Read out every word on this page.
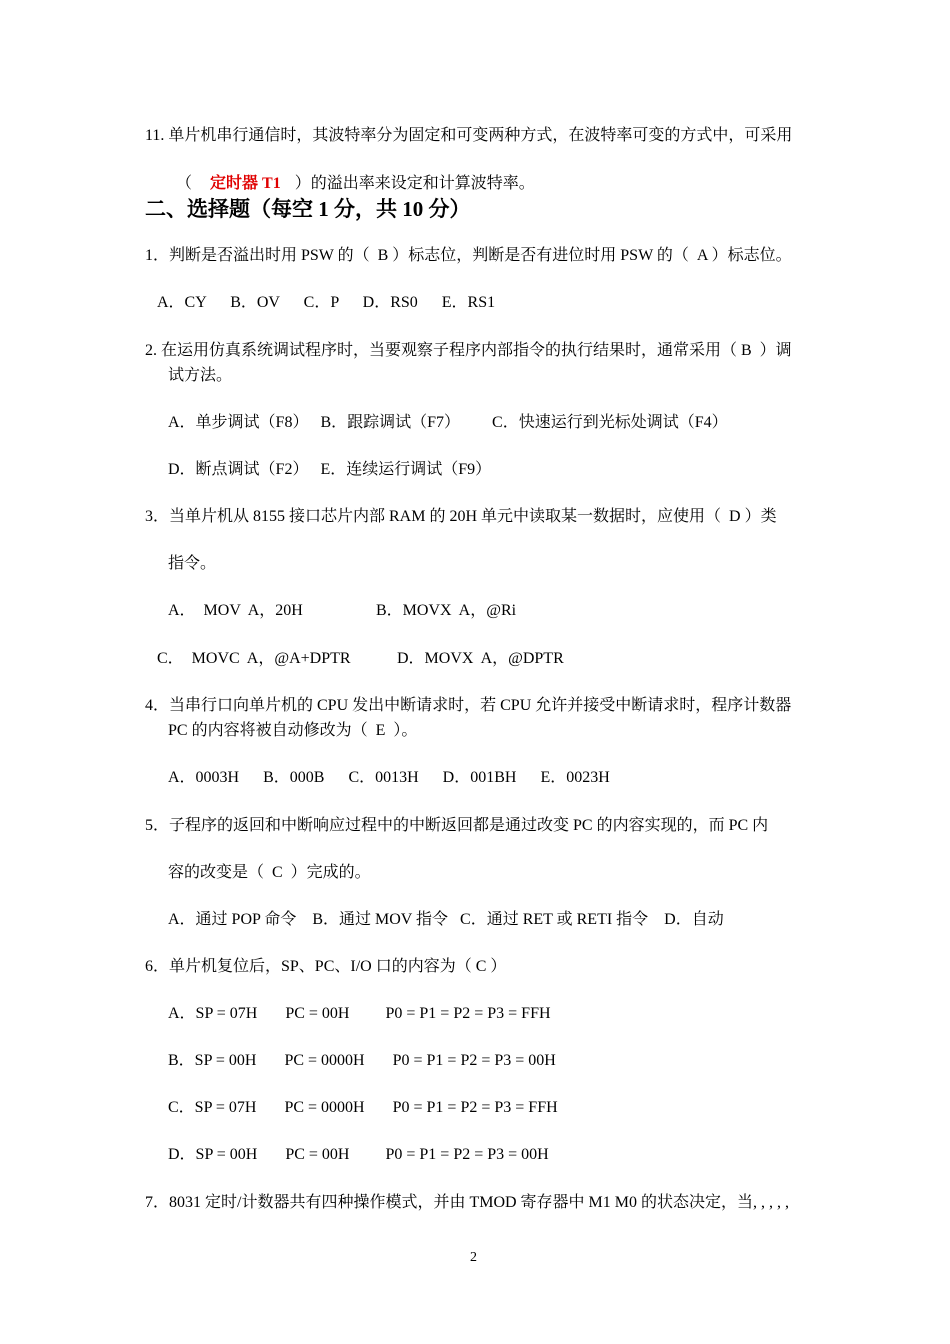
11. 单片机串行通信时，其波特率分为固定和可变两种方式，在波特率可变的方式中，可采用

（ 定时器 T1 ）的溢出率来设定和计算波特率。

二、选择题（每空 1 分，共 10 分）
1．判断是否溢出时用 PSW 的（  B ）标志位，判断是否有进位时用 PSW 的（  A ）标志位。
A．CY      B．OV      C．P      D．RS0      E．RS1
2. 在运用仿真系统调试程序时，当要观察子程序内部指令的执行结果时，通常采用（ B  ）调
试方法。
A．单步调试（F8）   B．跟踪调试（F7）        C．快速运行到光标处调试（F4）
D．断点调试（F2）   E．连续运行调试（F9）
3．当单片机从 8155 接口芯片内部 RAM 的 20H 单元中读取某一数据时，应使用（  D ）类
指令。
A．  MOV  A，20H	B．MOVX  A，@Ri
C．  MOVC  A，@A+DPTR	D．MOVX  A，@DPTR
4．当串行口向单片机的 CPU 发出中断请求时，若 CPU 允许并接受中断请求时，程序计数器
PC 的内容将被自动修改为（  E  ）。
A．0003H      B．000B      C．0013H      D．001BH      E．0023H
5．子程序的返回和中断响应过程中的中断返回都是通过改变 PC 的内容实现的，而 PC 内
容的改变是（  C  ）完成的。
A．通过 POP 命令    B．通过 MOV 指令   C．通过 RET 或 RETI 指令    D．自动
6．单片机复位后，SP、PC、I/O 口的内容为（ C ）
A．SP = 07H       PC = 00H         P0 = P1 = P2 = P3 = FFH
B．SP = 00H       PC = 0000H       P0 = P1 = P2 = P3 = 00H
C．SP = 07H       PC = 0000H       P0 = P1 = P2 = P3 = FFH
D．SP = 00H       PC = 00H         P0 = P1 = P2 = P3 = 00H
7．8031 定时/计数器共有四种操作模式，并由 TMOD 寄存器中 M1 M0 的状态决定，当, , , , ,
2
